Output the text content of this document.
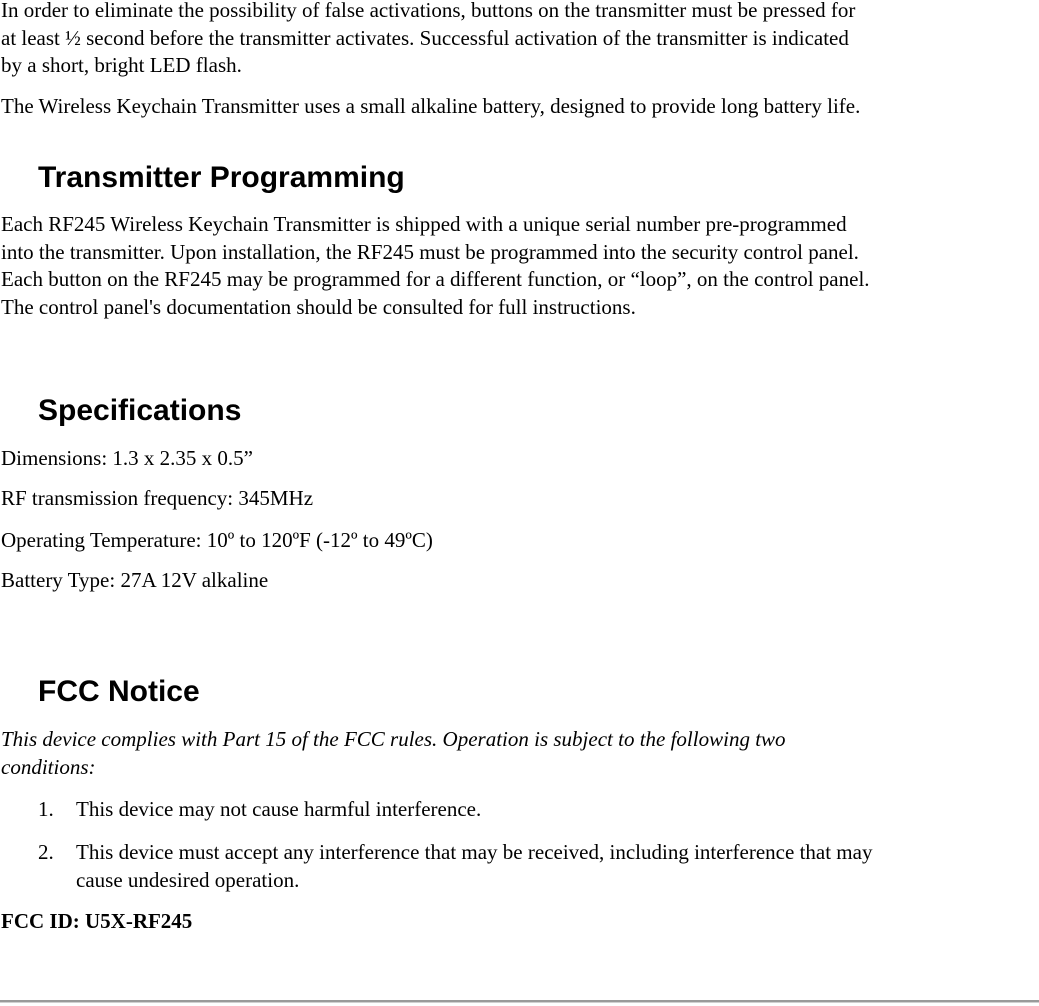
In order to eliminate the possibility of false activations, buttons on the transmitter must be pressed for
at least ½ second before the transmitter activates. Successful activation of the transmitter is indicated
by a short, bright LED flash.

The Wireless Keychain Transmitter uses a small alkaline battery, designed to provide long battery life.

Transmitter Programming

Each RF245 Wireless Keychain Transmitter is shipped with a unique serial number pre-programmed
into the transmitter. Upon installation, the RF245 must be programmed into the security control panel.
Each button on the RF245 may be programmed for a different function, or “loop”, on the control panel.
The control panel's documentation should be consulted for full instructions.

Specifications

Dimensions: 1.3 x 2.35 x 0.5”

RF transmission frequency: 345MHz

Operating Temperature: 10º to 120ºF (-12º to 49ºC)

Battery Type: 27A 12V alkaline

FCC Notice

This device complies with Part 15 of the FCC rules. Operation is subject to the following two
conditions:

1. This device may not cause harmful interference.
2. This device must accept any interference that may be received, including interference that may
cause undesired operation.
FCC ID: U5X-RF245
